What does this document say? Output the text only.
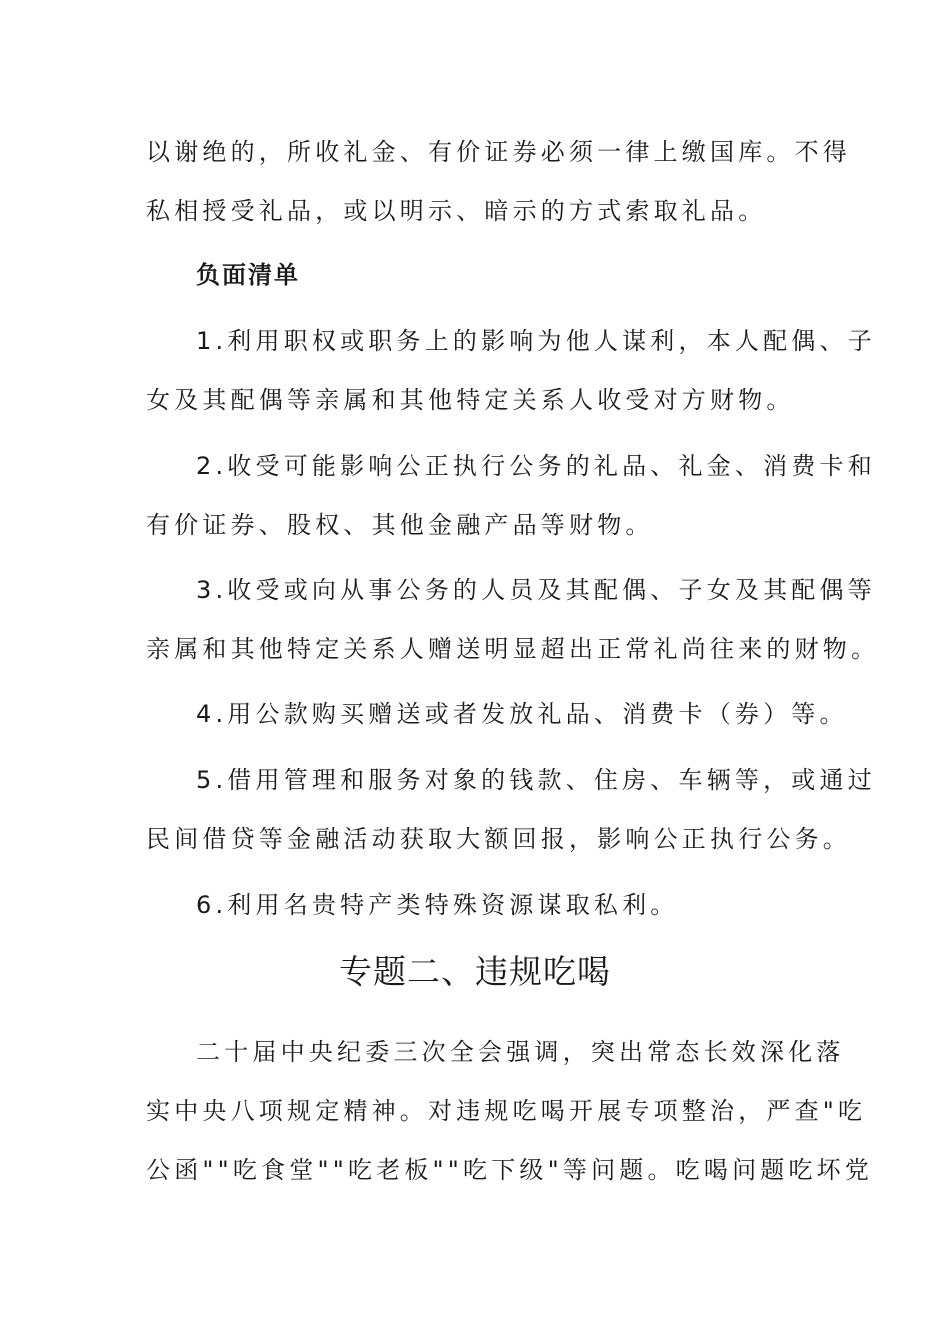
以谢绝的，所收礼金、有价证券必须一律上缴国库。不得

私相授受礼品，或以明示、暗示的方式索取礼品。

负面清单

1.利用职权或职务上的影响为他人谋利，本人配偶、子

女及其配偶等亲属和其他特定关系人收受对方财物。

2.收受可能影响公正执行公务的礼品、礼金、消费卡和

有价证券、股权、其他金融产品等财物。

3.收受或向从事公务的人员及其配偶、子女及其配偶等

亲属和其他特定关系人赠送明显超出正常礼尚往来的财物。

4.用公款购买赠送或者发放礼品、消费卡（券）等。

5.借用管理和服务对象的钱款、住房、车辆等，或通过

民间借贷等金融活动获取大额回报，影响公正执行公务。

6.利用名贵特产类特殊资源谋取私利。

专题二、违规吃喝

二十届中央纪委三次全会强调，突出常态长效深化落

实中央八项规定精神。对违规吃喝开展专项整治，严查"吃

公函""吃食堂""吃老板""吃下级"等问题。吃喝问题吃坏党
